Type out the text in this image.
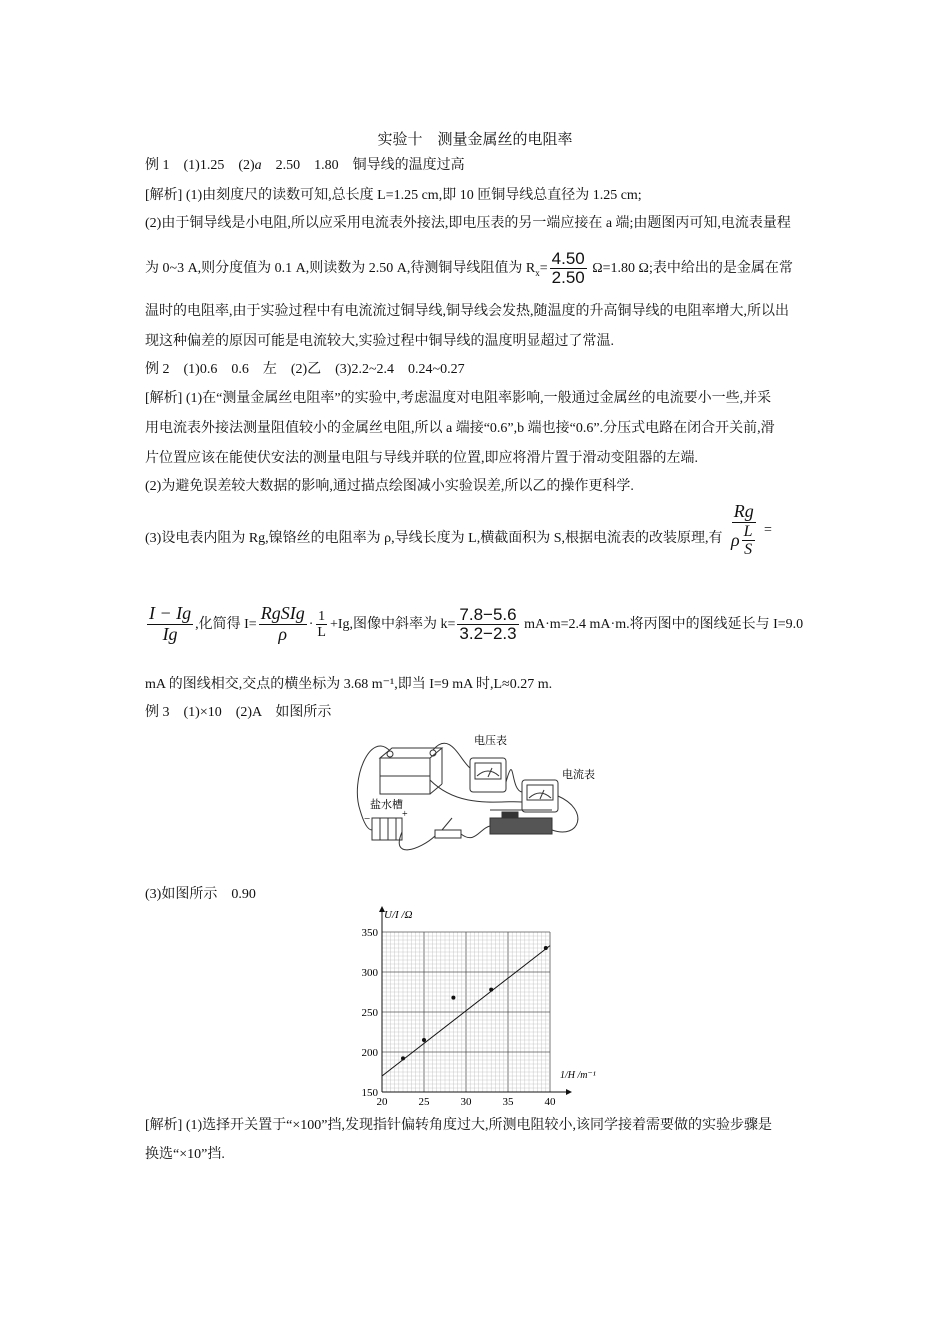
实验十　测量金属丝的电阻率
例 1　(1)1.25　(2)a　2.50　1.80　铜导线的温度过高
[解析] (1)由刻度尺的读数可知,总长度 L=1.25 cm,即 10 匝铜导线总直径为 1.25 cm;
(2)由于铜导线是小电阻,所以应采用电流表外接法,即电压表的另一端应接在 a 端;由题图丙可知,电流表量程
为 0~3 A,则分度值为 0.1 A,则读数为 2.50 A,待测铜导线阻值为 $R_x= \frac{4.50}{2.50} \Omega=1.80$ Ω;表中给出的是金属在常
温时的电阻率,由于实验过程中有电流流过铜导线,铜导线会发热,随温度的升高铜导线的电阻率增大,所以出
现这种偏差的原因可能是电流较大,实验过程中铜导线的温度明显超过了常温.
例 2　(1)0.6　0.6　左　(2)乙　(3)2.2~2.4　0.24~0.27
[解析] (1)在“测量金属丝电阻率”的实验中,考虑温度对电阻率影响,一般通过金属丝的电流要小一些,并采
用电流表外接法测量阻值较小的金属丝电阻,所以 a 端接“0.6”,b 端也接“0.6”.分压式电路在闭合开关前,滑
片位置应该在能使伏安法的测量电阻与导线并联的位置,即应将滑片置于滑动变阻器的左端.
(2)为避免误差较大数据的影响,通过描点绘图减小实验误差,所以乙的操作更科学.
(3)设电表内阻为 Rg,镍铬丝的电阻率为 ρ,导线长度为 L,横截面积为 S,根据电流表的改装原理,有 $\frac{Rg}{\rho \frac{L}{S}}$ =
$\frac{I - Ig}{Ig}$ ,化简得 $I= \frac{\text{RgSIg}}{\rho} \cdot \frac{1}{L} +Ig$,图像中斜率为 $k= \frac{7.8-5.6}{3.2-2.3} mA\cdot m=2.4$ mA·m.将丙图中的图线延长与 I=9.0
mA 的图线相交,交点的横坐标为 3.68 m⁻¹,即当 I=9 mA 时,L≈0.27 m.
例 3　(1)×10　(2)A　如图所示
电压表
电流表
盐水槽
−	+
(3)如图所示　0.90
20	25	30	35	40
150
200
250
300
350
U/I /Ω
1/H /m⁻¹
[解析] (1)选择开关置于“×100”挡,发现指针偏转角度过大,所测电阻较小,该同学接着需要做的实验步骤是
换选“×10”挡.
